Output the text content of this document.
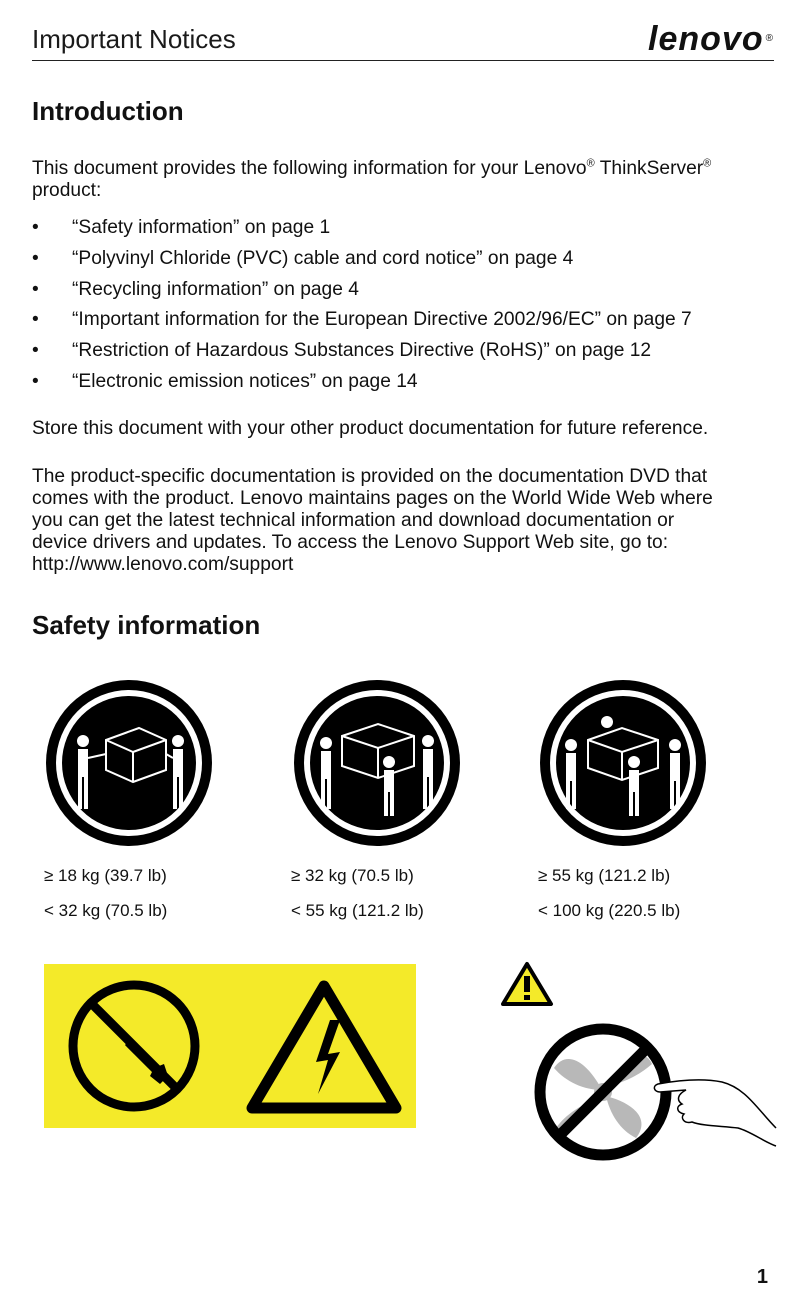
Important Notices	lenovo ®
Introduction

This document provides the following information for your Lenovo® ThinkServer®
product:

• “Safety information” on page 1
• “Polyvinyl Chloride (PVC) cable and cord notice” on page 4
• “Recycling information” on page 4
• “Important information for the European Directive 2002/96/EC” on page 7
• “Restriction of Hazardous Substances Directive (RoHS)” on page 12
• “Electronic emission notices” on page 14

Store this document with your other product documentation for future reference.

The product-specific documentation is provided on the documentation DVD that
comes with the product. Lenovo maintains pages on the World Wide Web where
you can get the latest technical information and download documentation or
device drivers and updates. To access the Lenovo Support Web site, go to:
http://www.lenovo.com/support

Safety information
≥ 18 kg (39.7 lb)
< 32 kg (70.5 lb)
≥ 32 kg (70.5 lb)
< 55 kg (121.2 lb)
≥ 55 kg (121.2 lb)
< 100 kg (220.5 lb)
1
